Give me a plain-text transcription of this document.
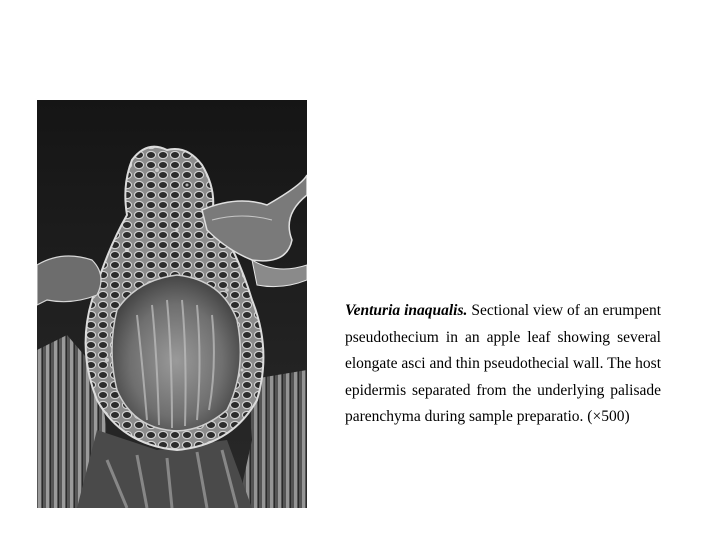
Venturia inaqualis. Sectional view of an erumpent pseudothecium in an apple leaf showing several elongate asci and thin pseudothecial wall. The host epidermis separated from the underlying palisade parenchyma during sample preparatio. (×500)
